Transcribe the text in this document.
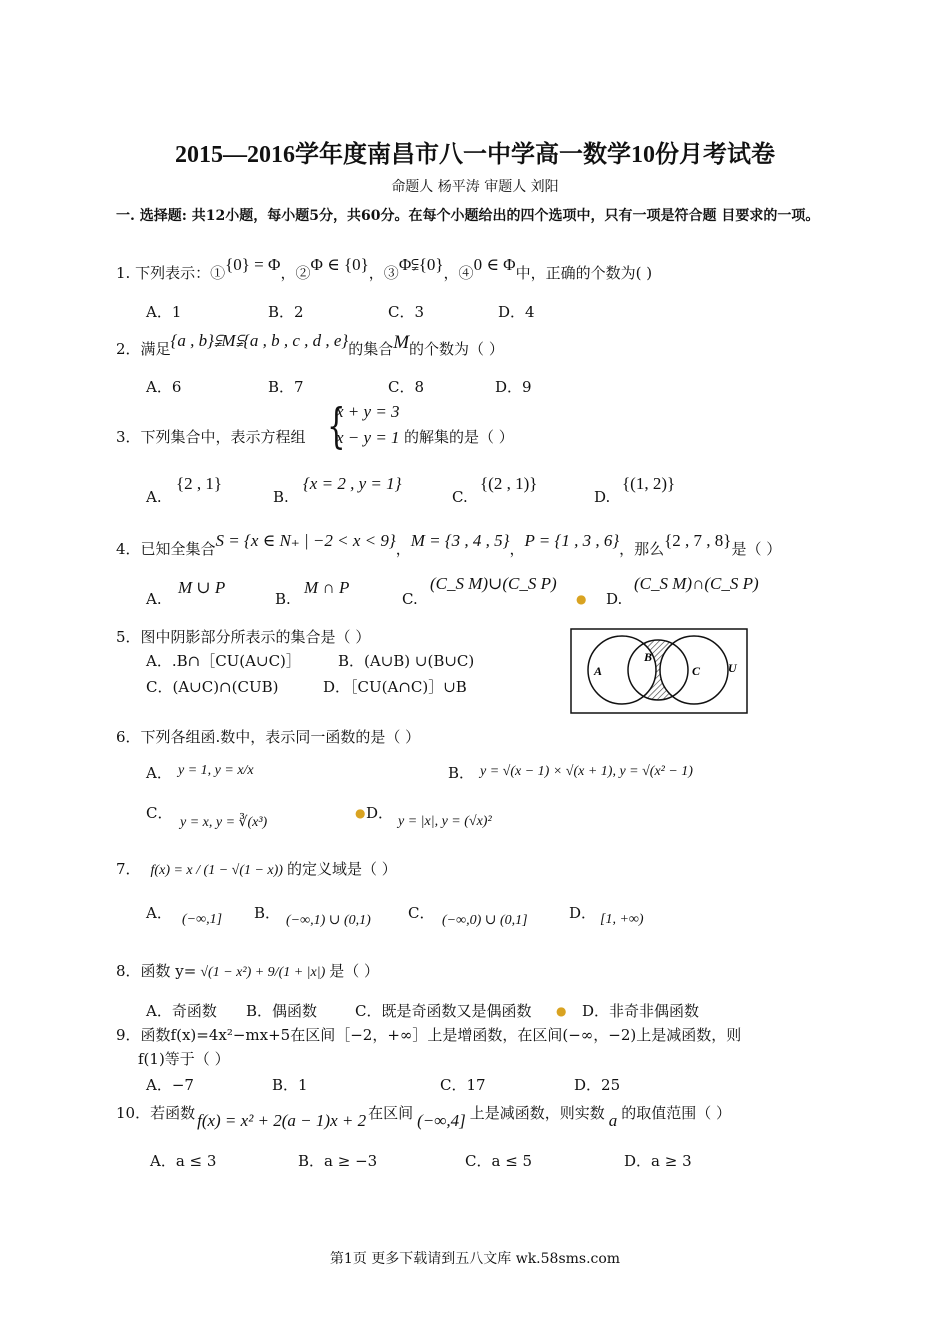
2015—2016学年度南昌市八一中学高一数学10份月考试卷
命题人 杨平涛 审题人 刘阳
一. 选择题: 共12小题，每小题5分，共60分。在每个小题给出的四个选项中，只有一项是符合题 目要求的一项。
1. 下列表示：①{0} = Φ，②Φ ∈ {0}，③Φ⫋{0}，④0 ∈ Φ中，正确的个数为( )
A．1	B．2	C．3	D．4
2．满足{a , b}⫋M⫋{a , b , c , d , e}的集合M的个数为（ ）
A．6	B．7	C．8	D．9
3．下列集合中，表示方程组 {
x + y = 3
x − y = 1 的解集的是（ ）
A.
{2 , 1}
B.
{x = 2 , y = 1}
C.
{(2 , 1)}
D.
{(1, 2)}
4．已知全集合S = {x ∈ N₊ | −2 < x < 9}，M = {3 , 4 , 5}，P = {1 , 3 , 6}，那么{2 , 7 , 8}是（ ）
A.
M ∪ P
B.
M ∩ P
C.
(C_S M)∪(C_S P)
● D.
(C_S M)∩(C_S P)
5．图中阴影部分所表示的集合是（ ）
A．.B∩［CU(A∪C)］ B．(A∪B) ∪(B∪C)
C．(A∪C)∩(CUB)	D．［CU(A∩C)］∪B
A
B
C U
6．下列各组函.数中，表示同一函数的是（ ）
A． y = 1, y = x/x	B． y = √(x − 1) × √(x + 1), y = √(x² − 1)
C．
y = x, y = ∛(x³)
● D． y = |x|, y = (√x)²
7． f(x) = x / (1 − √(1 − x)) 的定义域是（ ）
A． (−∞,1] B． (−∞,1) ∪ (0,1) C． (−∞,0) ∪ (0,1]	D． [1, +∞)
8．函数 y= √(1 − x²) + 9/(1 + |x|) 是（ ）
A．奇函数 B．偶函数	C．既是奇函数又是偶函数 ● D．非奇非偶函数
9．函数f(x)=4x²−mx+5在区间［−2，+∞］上是增函数，在区间(−∞，−2)上是减函数，则
f(1)等于（ ）
A．−7	B．1	C．17	D．25
10．若函数 f(x) = x² + 2(a − 1)x + 2 在区间 (−∞,4] 上是减函数，则实数 a 的取值范围（ ）
A．a ≤ 3	B．a ≥ −3	C．a ≤ 5	D．a ≥ 3
第1页 更多下载请到五八文库 wk.58sms.com
